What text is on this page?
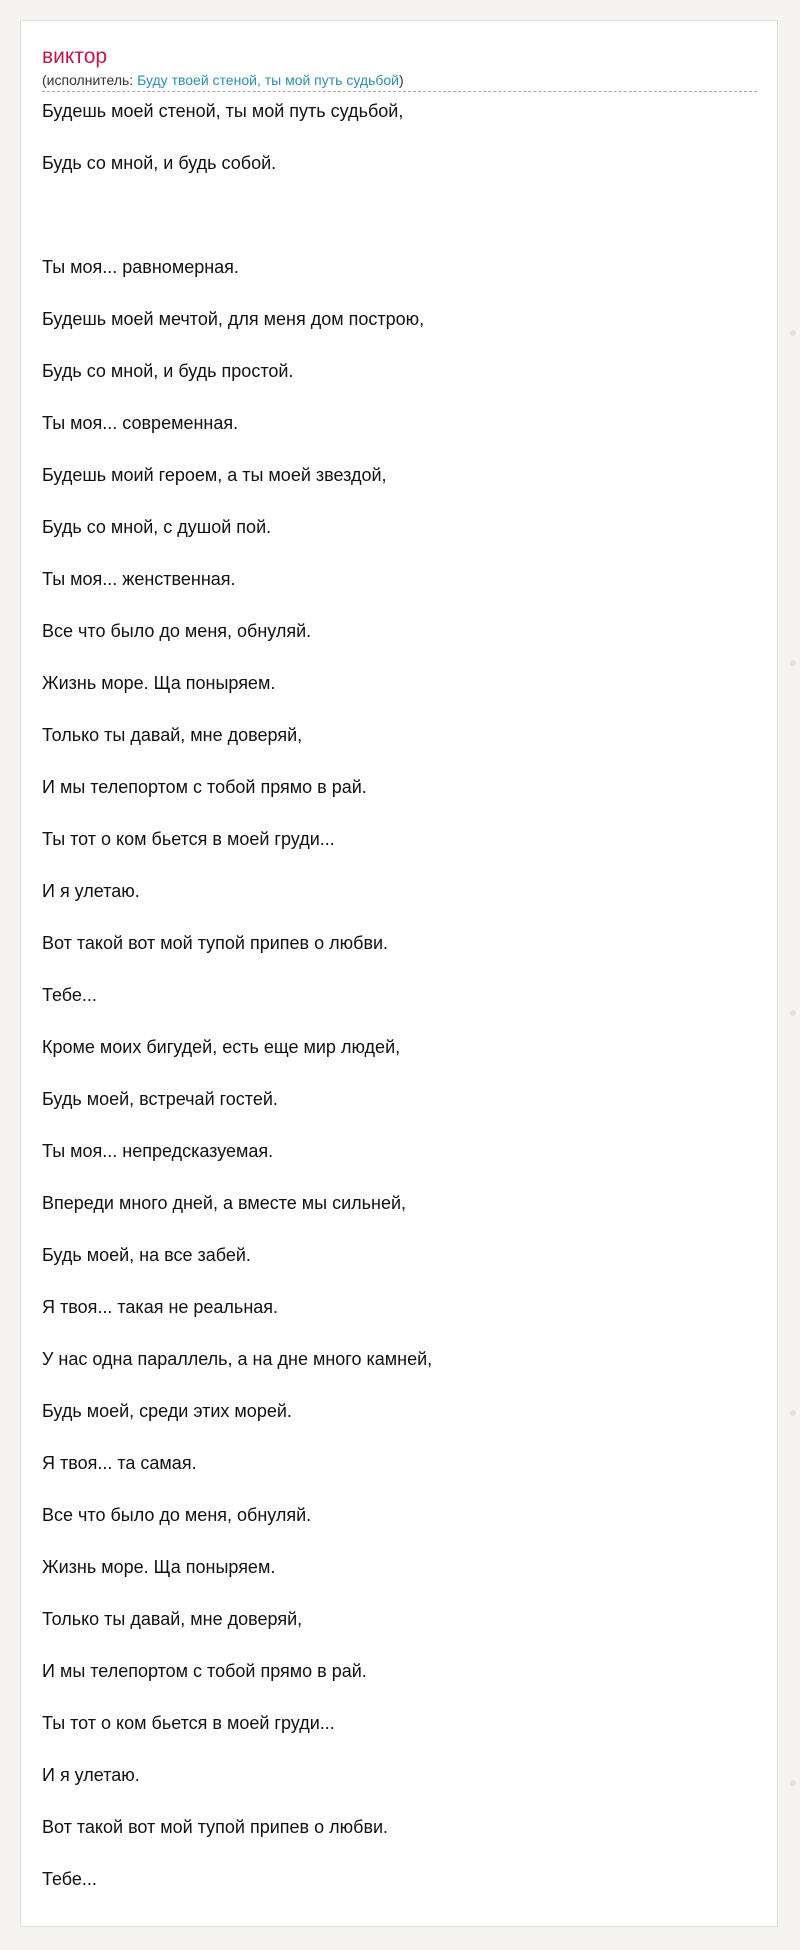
виктор
(исполнитель: Буду твоей стеной, ты мой путь судьбой)
Будешь моей стеной, ты мой путь судьбой,
Будь со мной, и будь собой.
Ты моя... равномерная.
Будешь моей мечтой, для меня дом построю,
Будь со мной, и будь простой.
Ты моя... современная.
Будешь моий героем, а ты моей звездой,
Будь со мной, с душой пой.
Ты моя... женственная.
Все что было до меня, обнуляй.
Жизнь море. Ща поныряем.
Только ты давай, мне доверяй,
И мы телепортом с тобой прямо в рай.
Ты тот о ком бьется в моей груди...
И я улетаю.
Вот такой вот мой тупой припев о любви.
Тебе...
Кроме моих бигудей, есть еще мир людей,
Будь моей, встречай гостей.
Ты моя... непредсказуемая.
Впереди много дней, а вместе мы сильней,
Будь моей, на все забей.
Я твоя... такая не реальная.
У нас одна параллель, а на дне много камней,
Будь моей, среди этих морей.
Я твоя... та самая.
Все что было до меня, обнуляй.
Жизнь море. Ща поныряем.
Только ты давай, мне доверяй,
И мы телепортом с тобой прямо в рай.
Ты тот о ком бьется в моей груди...
И я улетаю.
Вот такой вот мой тупой припев о любви.
Тебе...
